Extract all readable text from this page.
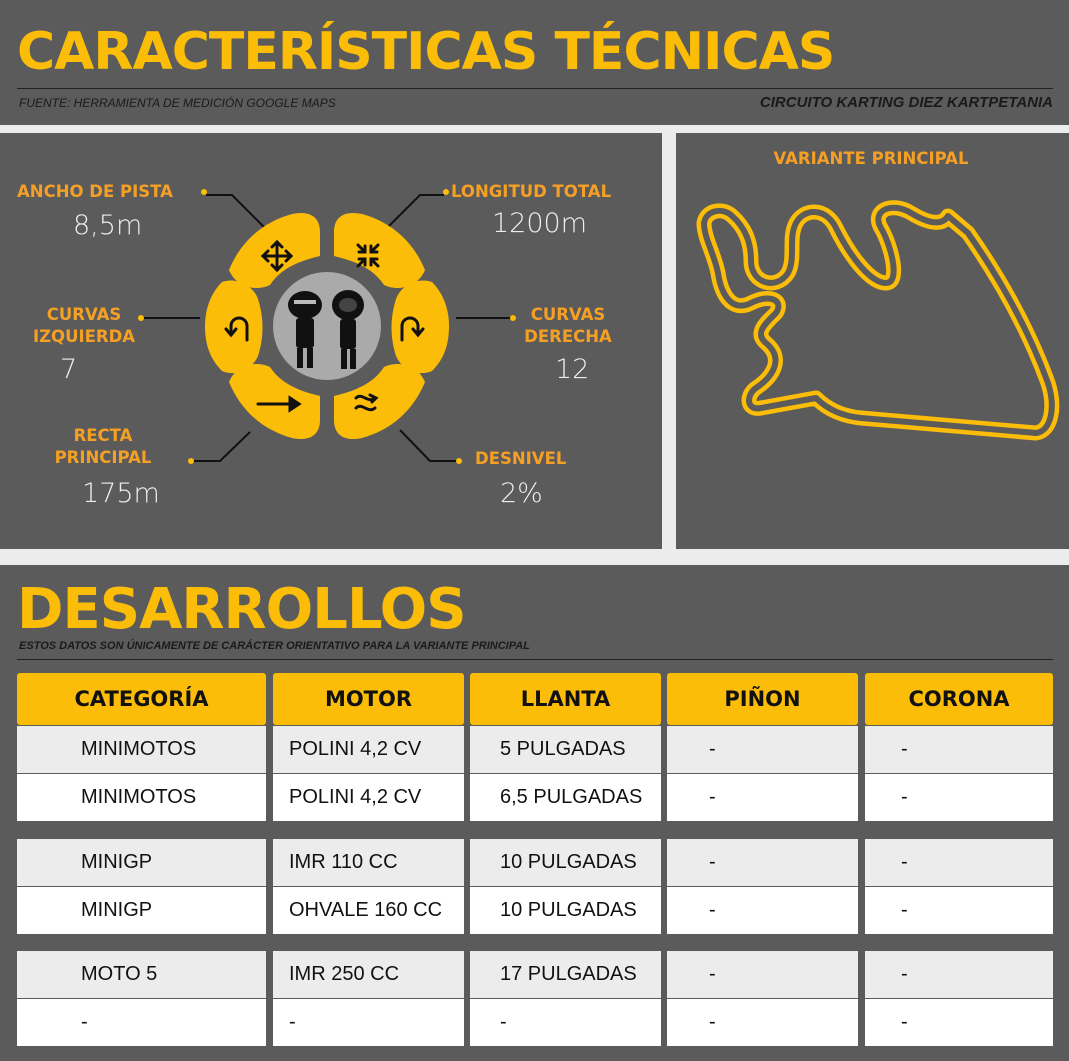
CARACTERÍSTICAS TÉCNICAS
FUENTE: HERRAMIENTA DE MEDICIÓN GOOGLE MAPS	CIRCUITO KARTING DIEZ KARTPETANIA
ANCHO DE PISTA
8,5m
LONGITUD TOTAL
1200m
CURVAS
IZQUIERDA
7
CURVAS
DERECHA
12
RECTA
PRINCIPAL
175m
DESNIVEL
2%
VARIANTE PRINCIPAL
DESARROLLOS
ESTOS DATOS SON ÚNICAMENTE DE CARÁCTER ORIENTATIVO PARA LA VARIANTE PRINCIPAL
CATEGORÍA
MINIMOTOS
MINIMOTOS
MINIGP
MINIGP
MOTO 5
-
MOTOR
POLINI 4,2 CV
POLINI 4,2 CV
IMR 110 CC
OHVALE 160 CC
IMR 250 CC
-
LLANTA
5 PULGADAS
6,5 PULGADAS
10 PULGADAS
10 PULGADAS
17 PULGADAS
-
PIÑON
-
-
-
-
-
-
CORONA
-
-
-
-
-
-
